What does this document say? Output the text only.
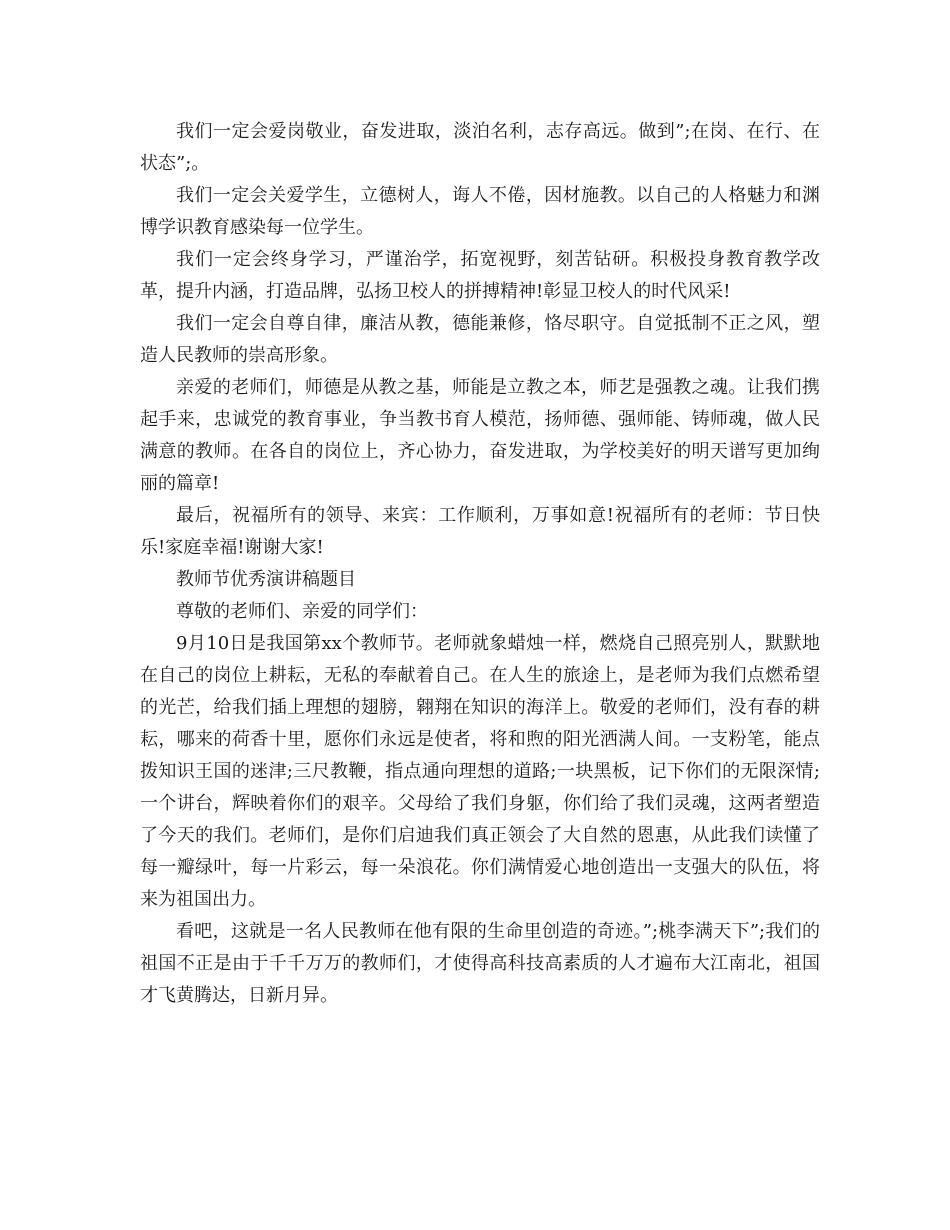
我们一定会爱岗敬业，奋发进取，淡泊名利，志存高远。做到”;在岗、在行、在状态”;。

我们一定会关爱学生，立德树人，诲人不倦，因材施教。以自己的人格魅力和渊博学识教育感染每一位学生。

我们一定会终身学习，严谨治学，拓宽视野，刻苦钻研。积极投身教育教学改革，提升内涵，打造品牌，弘扬卫校人的拼搏精神!彰显卫校人的时代风采!

我们一定会自尊自律，廉洁从教，德能兼修，恪尽职守。自觉抵制不正之风，塑造人民教师的崇高形象。

亲爱的老师们，师德是从教之基，师能是立教之本，师艺是强教之魂。让我们携起手来，忠诚党的教育事业，争当教书育人模范，扬师德、强师能、铸师魂，做人民满意的教师。在各自的岗位上，齐心协力，奋发进取，为学校美好的明天谱写更加绚丽的篇章!

最后，祝福所有的领导、来宾：工作顺利，万事如意!祝福所有的老师：节日快乐!家庭幸福!谢谢大家!

教师节优秀演讲稿题目

尊敬的老师们、亲爱的同学们：

9月10日是我国第xx个教师节。老师就象蜡烛一样，燃烧自己照亮别人，默默地在自己的岗位上耕耘，无私的奉献着自己。在人生的旅途上，是老师为我们点燃希望的光芒，给我们插上理想的翅膀，翱翔在知识的海洋上。敬爱的老师们，没有春的耕耘，哪来的荷香十里，愿你们永远是使者，将和煦的阳光洒满人间。一支粉笔，能点拨知识王国的迷津;三尺教鞭，指点通向理想的道路;一块黑板，记下你们的无限深情;一个讲台，辉映着你们的艰辛。父母给了我们身躯，你们给了我们灵魂，这两者塑造了今天的我们。老师们，是你们启迪我们真正领会了大自然的恩惠，从此我们读懂了每一瓣绿叶，每一片彩云，每一朵浪花。你们满情爱心地创造出一支强大的队伍，将来为祖国出力。

看吧，这就是一名人民教师在他有限的生命里创造的奇迹。”;桃李满天下”;我们的祖国不正是由于千千万万的教师们，才使得高科技高素质的人才遍布大江南北，祖国才飞黄腾达，日新月异。
